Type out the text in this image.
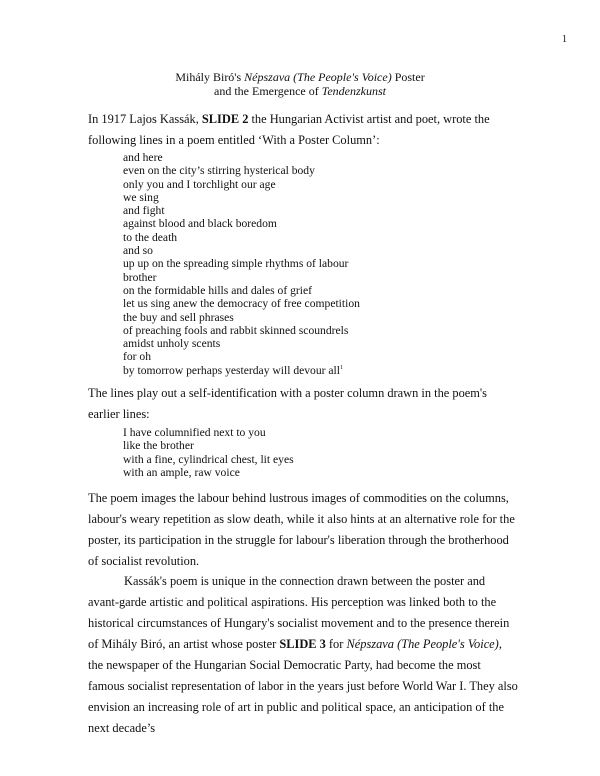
1
Mihály Biró's Népszava (The People's Voice) Poster
and the Emergence of Tendenzkunst
In 1917 Lajos Kassák, SLIDE 2 the Hungarian Activist artist and poet, wrote the following lines in a poem entitled ‘With a Poster Column’:
and here
even on the city’s stirring hysterical body
only you and I torchlight our age
we sing
and fight
against blood and black boredom
to the death
and so
up up on the spreading simple rhythms of labour
brother
on the formidable hills and dales of grief
let us sing anew the democracy of free competition
the buy and sell phrases
of preaching fools and rabbit skinned scoundrels
amidst unholy scents
for oh
by tomorrow perhaps yesterday will devour all$^1$
The lines play out a self-identification with a poster column drawn in the poem's earlier lines:
I have columnified next to you
like the brother
with a fine, cylindrical chest, lit eyes
with an ample, raw voice
The poem images the labour behind lustrous images of commodities on the columns, labour's weary repetition as slow death, while it also hints at an alternative role for the poster, its participation in the struggle for labour's liberation through the brotherhood of socialist revolution.
Kassák's poem is unique in the connection drawn between the poster and avant-garde artistic and political aspirations. His perception was linked both to the historical circumstances of Hungary's socialist movement and to the presence therein of Mihály Biró, an artist whose poster SLIDE 3 for Népszava (The People's Voice), the newspaper of the Hungarian Social Democratic Party, had become the most famous socialist representation of labor in the years just before World War I. They also envision an increasing role of art in public and political space, an anticipation of the next decade’s
